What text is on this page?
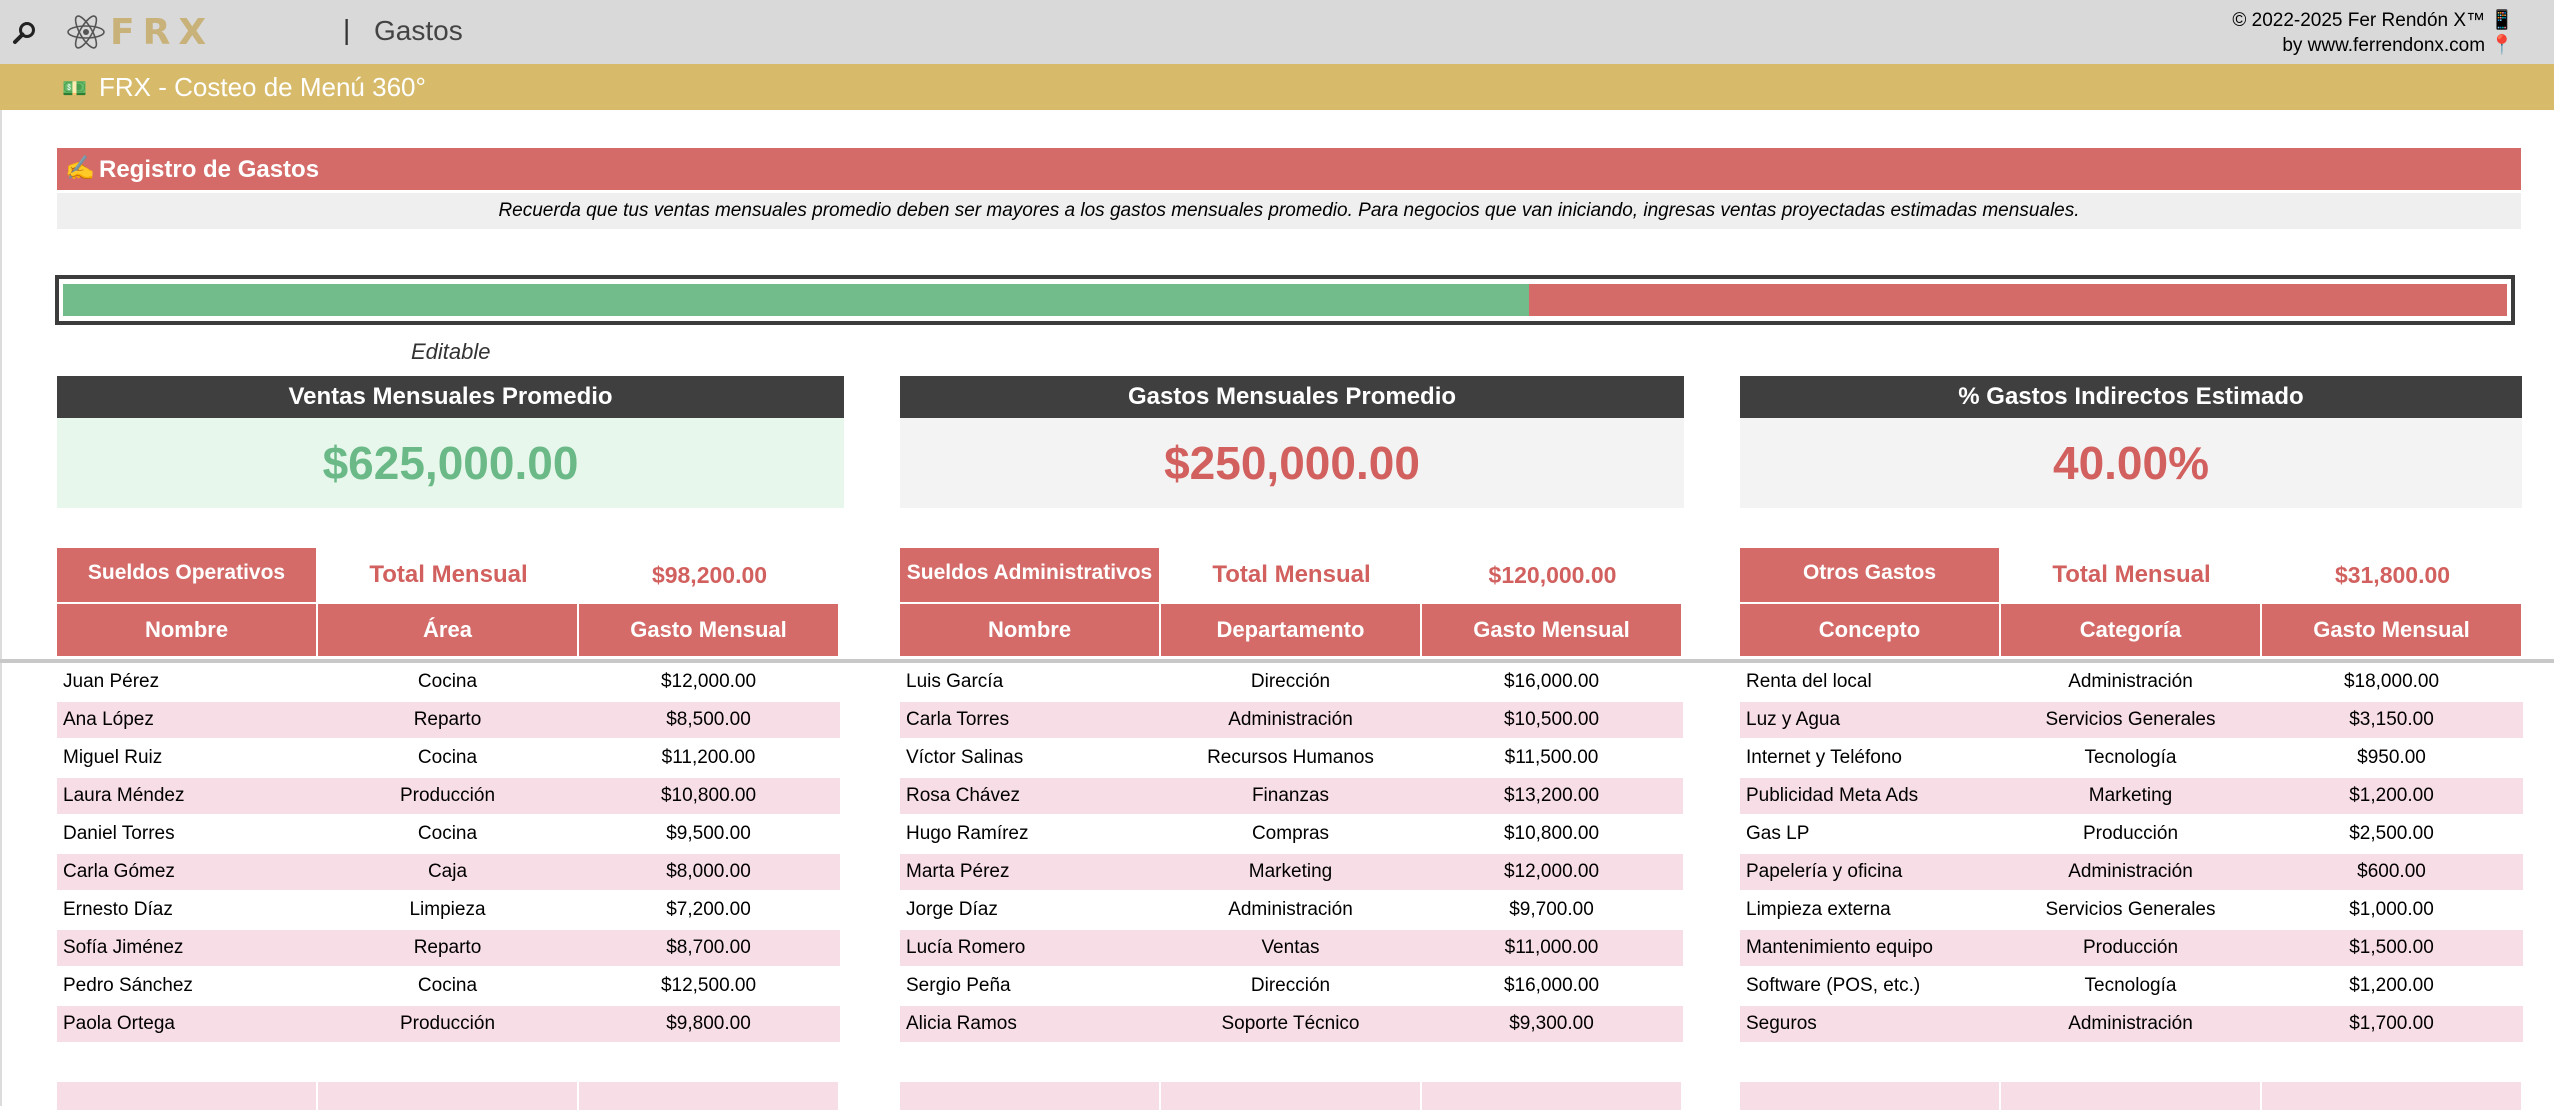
FRX	| Gastos	© 2022-2025 Fer Rendón X™ 📱
by www.ferrendonx.com 📍
💵 FRX - Costeo de Menú 360°
✍️ Registro de Gastos
Recuerda que tus ventas mensuales promedio deben ser mayores a los gastos mensuales promedio. Para negocios que van iniciando, ingresas ventas proyectadas estimadas mensuales.
Editable
Ventas Mensuales Promedio
$625,000.00
Gastos Mensuales Promedio
$250,000.00
% Gastos Indirectos Estimado
40.00%
Sueldos Operativos	Total Mensual	$98,200.00
Nombre	Área	Gasto Mensual
Juan Pérez	Cocina	$12,000.00
Ana López	Reparto	$8,500.00
Miguel Ruiz	Cocina	$11,200.00
Laura Méndez	Producción	$10,800.00
Daniel Torres	Cocina	$9,500.00
Carla Gómez	Caja	$8,000.00
Ernesto Díaz	Limpieza	$7,200.00
Sofía Jiménez	Reparto	$8,700.00
Pedro Sánchez	Cocina	$12,500.00
Paola Ortega	Producción	$9,800.00
Sueldos Administrativos	Total Mensual	$120,000.00
Nombre	Departamento	Gasto Mensual
Luis García	Dirección	$16,000.00
Carla Torres	Administración	$10,500.00
Víctor Salinas	Recursos Humanos	$11,500.00
Rosa Chávez	Finanzas	$13,200.00
Hugo Ramírez	Compras	$10,800.00
Marta Pérez	Marketing	$12,000.00
Jorge Díaz	Administración	$9,700.00
Lucía Romero	Ventas	$11,000.00
Sergio Peña	Dirección	$16,000.00
Alicia Ramos	Soporte Técnico	$9,300.00
Otros Gastos	Total Mensual	$31,800.00
Concepto	Categoría	Gasto Mensual
Renta del local	Administración	$18,000.00
Luz y Agua	Servicios Generales	$3,150.00
Internet y Teléfono	Tecnología	$950.00
Publicidad Meta Ads	Marketing	$1,200.00
Gas LP	Producción	$2,500.00
Papelería y oficina	Administración	$600.00
Limpieza externa	Servicios Generales	$1,000.00
Mantenimiento equipo	Producción	$1,500.00
Software (POS, etc.)	Tecnología	$1,200.00
Seguros	Administración	$1,700.00
